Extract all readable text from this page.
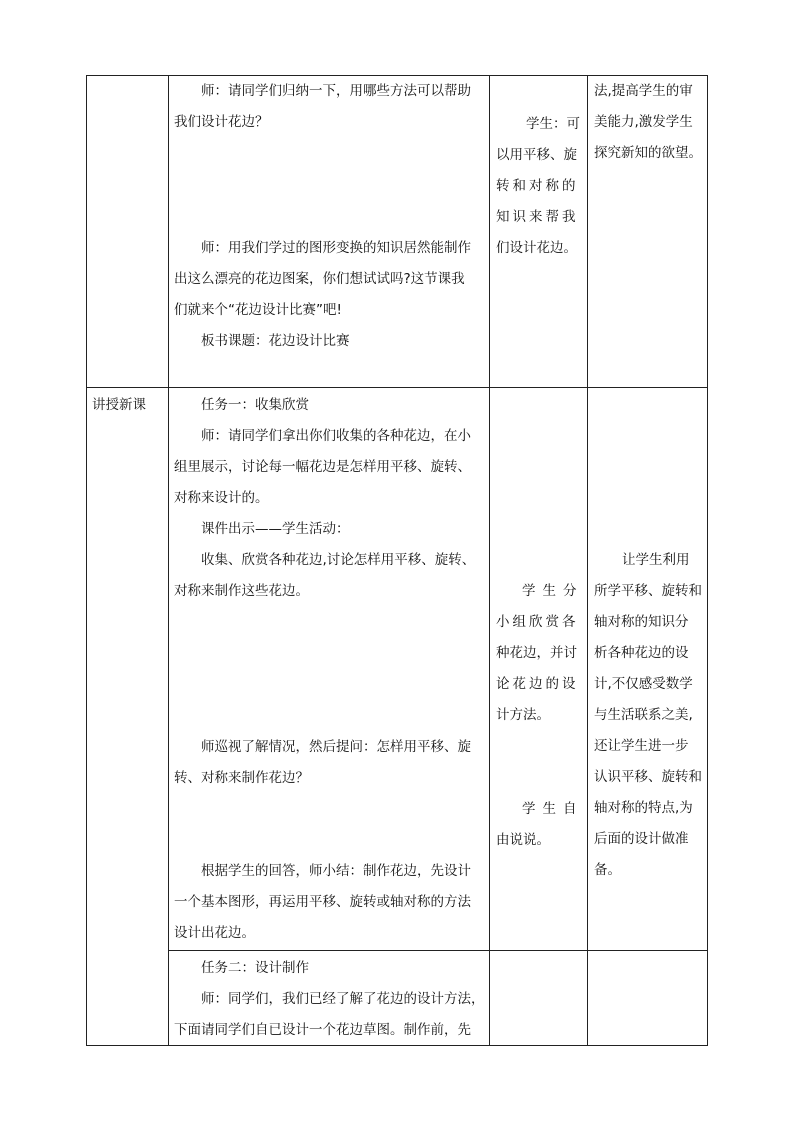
师：请同学们归纳一下，用哪些方法可以帮助

我们设计花边？

师：用我们学过的图形变换的知识居然能制作

出这么漂亮的花边图案，你们想试试吗?这节课我

们就来个“花边设计比赛”吧!

板书课题：花边设计比赛

学生：可

以用平移、旋

转和对称的

知识来帮我

们设计花边。

法,提高学生的审

美能力,激发学生

探究新知的欲望。

讲授新课	任务一：收集欣赏

师：请同学们拿出你们收集的各种花边，在小

组里展示，讨论每一幅花边是怎样用平移、旋转、

对称来设计的。

课件出示——学生活动：

收集、欣赏各种花边,讨论怎样用平移、旋转、

对称来制作这些花边。

师巡视了解情况，然后提问：怎样用平移、旋

转、对称来制作花边？

根据学生的回答，师小结：制作花边，先设计

一个基本图形，再运用平移、旋转或轴对称的方法

设计出花边。

学生分

小组欣赏各

种花边，并讨

论花边的设

计方法。

学生自

由说说。

让学生利用

所学平移、旋转和

轴对称的知识分

析各种花边的设

计,不仅感受数学

与生活联系之美,

还让学生进一步

认识平移、旋转和

轴对称的特点,为

后面的设计做准

备。

任务二：设计制作

师：同学们，我们已经了解了花边的设计方法，

下面请同学们自已设计一个花边草图。制作前，先
